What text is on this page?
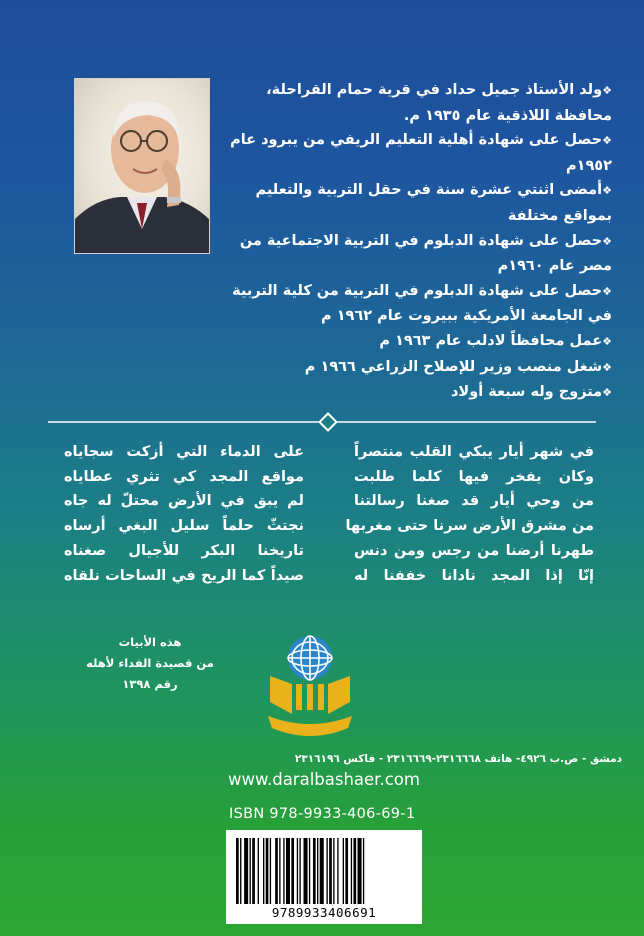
❖ ولد الأستاذ جميل حداد في قرية حمام القراحلة، محافظة اللاذقية عام ١٩٣٥ م.
❖ حصل على شهادة أهلية التعليم الريفي من يبرود عام ١٩٥٢م
❖ أمضى اثنتي عشرة سنة في حقل التربية والتعليم بمواقع مختلفة
❖ حصل على شهادة الدبلوم في التربية الاجتماعية من مصر عام ١٩٦٠م
❖ حصل على شهادة الدبلوم في التربية من كلية التربية في الجامعة الأمريكية ببيروت عام ١٩٦٢ م
❖ عمل محافظاً لادلب عام ١٩٦٣ م
❖ شغل منصب وزير للإصلاح الزراعي ١٩٦٦ م
❖ متزوج وله سبعة أولاد
في شهر أيار يبكي القلب منتصراً
وكان يفخر فيها كلما طلبت
من وحي أيار قد صغنا رسالتنا
من مشرق الأرض سرنا حتى مغربها
طهرنا أرضنا من رجس ومن دنس
إنّا إذا المجد نادانا خففنا له
على الدماء التي أزكت سجاياه
مواقع المجد كي تثري عطاياه
لم يبق في الأرض محتلّ له جاه
نجتثّ حلماً سليل البغي أرساه
تاريخنا البكر للأجيال صغناه
صيداً كما الريح في الساحات نلقاه
هذه الأبيات
من قصيدة الفداء لأهله
رقم ١٣٩٨
دمشق - ص.ب ٤٩٢٦- هاتف ٢٣١٦٦٦٨-٢٣١٦٦٦٩ - فاكس ٢٣١٦١٩٦
www.daralbashaer.com
ISBN 978-9933-406-69-1
9789933406691
